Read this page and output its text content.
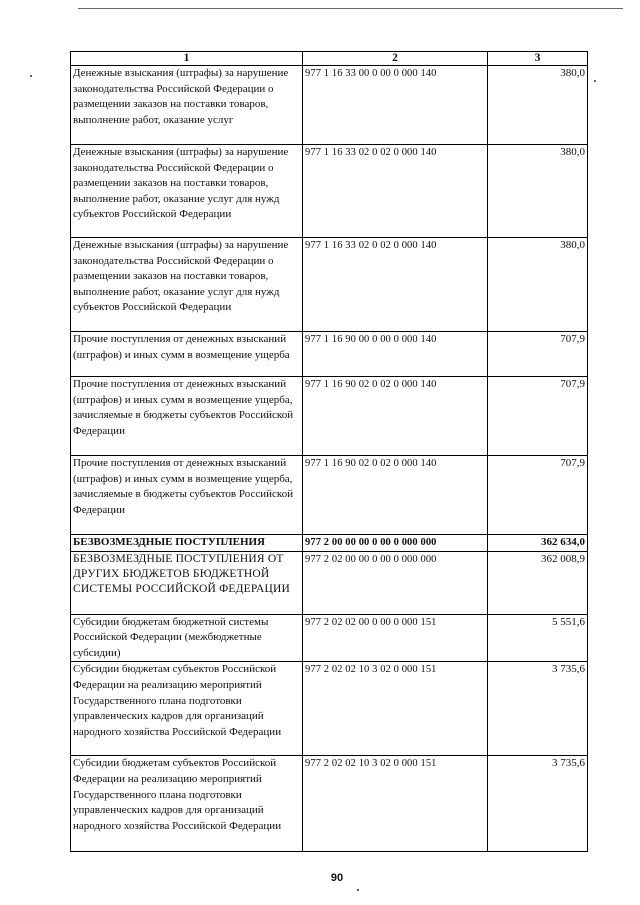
1	2	3
Денежные взыскания (штрафы) за нарушение законодательства Российской Федерации о размещении заказов на поставки товаров, выполнение работ, оказание услуг	977 1 16 33 00 0 00 0 000 140	380,0
Денежные взыскания (штрафы) за нарушение законодательства Российской Федерации о размещении заказов на поставки товаров, выполнение работ, оказание услуг для нужд субъектов Российской Федерации	977 1 16 33 02 0 02 0 000 140	380,0
Денежные взыскания (штрафы) за нарушение законодательства Российской Федерации о размещении заказов на поставки товаров, выполнение работ, оказание услуг для нужд субъектов Российской Федерации	977 1 16 33 02 0 02 0 000 140	380,0
Прочие поступления от денежных взысканий (штрафов) и иных сумм в возмещение ущерба	977 1 16 90 00 0 00 0 000 140	707,9
Прочие поступления от денежных взысканий (штрафов) и иных сумм в возмещение ущерба, зачисляемые в бюджеты субъектов Российской Федерации	977 1 16 90 02 0 02 0 000 140	707,9
Прочие поступления от денежных взысканий (штрафов) и иных сумм в возмещение ущерба, зачисляемые в бюджеты субъектов Российской Федерации	977 1 16 90 02 0 02 0 000 140	707,9
БЕЗВОЗМЕЗДНЫЕ ПОСТУПЛЕНИЯ	977 2 00 00 00 0 00 0 000 000	362 634,0
БЕЗВОЗМЕЗДНЫЕ ПОСТУПЛЕНИЯ ОТ ДРУГИХ БЮДЖЕТОВ БЮДЖЕТНОЙ СИСТЕМЫ РОССИЙСКОЙ ФЕДЕРАЦИИ	977 2 02 00 00 0 00 0 000 000	362 008,9
Субсидии бюджетам бюджетной системы Российской Федерации (межбюджетные субсидии)	977 2 02 02 00 0 00 0 000 151	5 551,6
Субсидии бюджетам субъектов Российской Федерации на реализацию мероприятий Государственного плана подготовки управленческих кадров для организаций народного хозяйства Российской Федерации	977 2 02 02 10 3 02 0 000 151	3 735,6
Субсидии бюджетам субъектов Российской Федерации на реализацию мероприятий Государственного плана подготовки управленческих кадров для организаций народного хозяйства Российской Федерации	977 2 02 02 10 3 02 0 000 151	3 735,6
90
